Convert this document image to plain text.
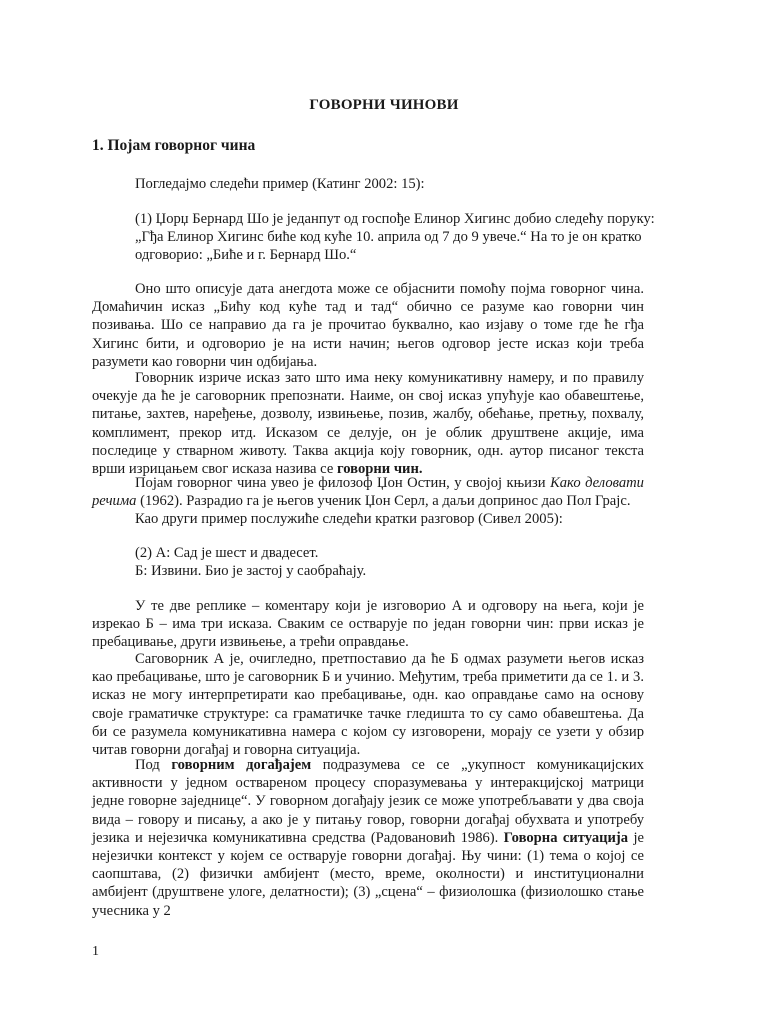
ГОВОРНИ ЧИНОВИ
1. Појам говорног чина

Погледајмо следећи пример (Катинг 2002: 15):

(1) Џорџ Бернард Шо је једанпут од госпође Елинор Хигинс добио следећу поруку:
„Гђа Елинор Хигинс биће код куће 10. априла од 7 до 9 увече.“ На то је он кратко
одговорио: „Биће и г. Бернард Шо.“

Оно што описује дата анегдота може се објаснити помоћу појма говорног чина. Домаћичин исказ „Бићу код куће тад и тад“ обично се разуме као говорни чин позивања. Шо се направио да га је прочитао буквално, као изјаву о томе где ће гђа Хигинс бити, и одговорио је на исти начин; његов одговор јесте исказ који треба разумети као говорни чин одбијања.

Говорник изриче исказ зато што има неку комуникативну намеру, и по правилу очекује да ће је саговорник препознати. Наиме, он свој исказ упућује као обавештење, питање, захтев, наређење, дозволу, извињење, позив, жалбу, обећање, претњу, похвалу, комплимент, прекор итд. Исказом се делује, он је облик друштвене акције, има последице у стварном животу. Таква акција коју говорник, одн. аутор писаног текста врши изрицањем свог исказа назива се говорни чин.

Појам говорног чина увео је филозоф Џон Остин, у својој књизи Како деловати речима (1962). Разрадио га је његов ученик Џон Серл, а даљи допринос дао Пол Грајс.

Као други пример послужиће следећи кратки разговор (Сивел 2005):

(2) А: Сад је шест и двадесет.
Б: Извини. Био је застој у саобраћају.

У те две реплике – коментару који је изговорио А и одговору на њега, који је изрекао Б – има три исказа. Сваким се остварује по један говорни чин: први исказ је пребацивање, други извињење, а трећи оправдање.

Саговорник А је, очигледно, претпоставио да ће Б одмах разумети његов исказ као пребацивање, што је саговорник Б и учинио. Међутим, треба приметити да се 1. и 3. исказ не могу интерпретирати као пребацивање, одн. као оправдање само на основу своје граматичке структуре: са граматичке тачке гледишта то су само обавештења. Да би се разумела комуникативна намера с којом су изговорени, морају се узети у обзир читав говорни догађај и говорна ситуација.

Под говорним догађајем подразумева се се „укупност комуникацијских активности у једном оствареном процесу споразумевања у интеракцијској матрици једне говорне заједнице“. У говорном догађају језик се може употребљавати у два своја вида – говору и писању, а ако је у питању говор, говорни догађај обухвата и употребу језика и нејезичка комуникативна средства (Радовановић 1986). Говорна ситуација је нејезички контекст у којем се остварује говорни догађај. Њу чини: (1) тема о којој се саопштава, (2) физички амбијент (место, време, околности) и институционални амбијент (друштвене улоге, делатности); (3) „сцена“ – физиолошка (физиолошко стање учесника у 2

1
